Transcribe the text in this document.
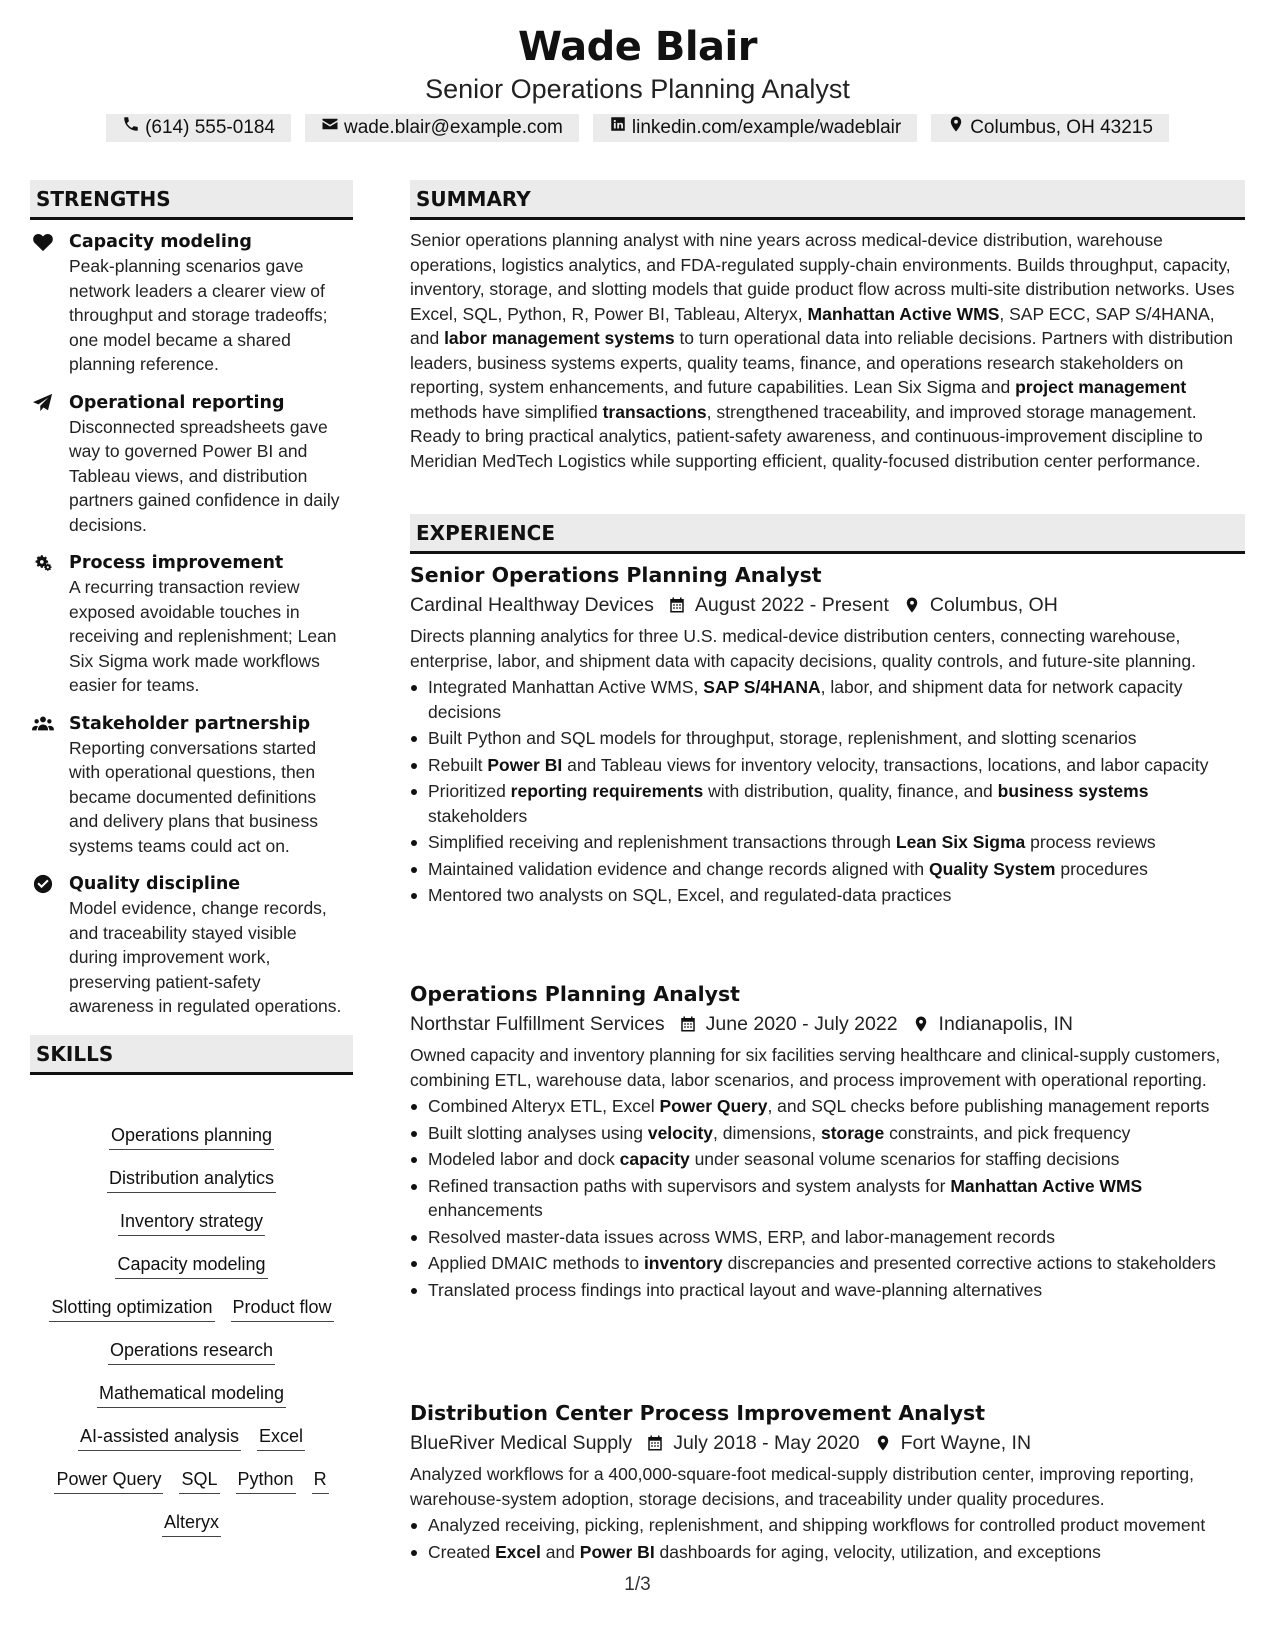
Wade Blair
Senior Operations Planning Analyst
(614) 555-0184	wade.blair@example.com	linkedin.com/example/wadeblair	Columbus, OH 43215
STRENGTHS
Capacity modeling

Peak-planning scenarios gave network leaders a clearer view of throughput and storage tradeoffs; one model became a shared planning reference.

Operational reporting

Disconnected spreadsheets gave way to governed Power BI and Tableau views, and distribution partners gained confidence in daily decisions.

Process improvement

A recurring transaction review exposed avoidable touches in receiving and replenishment; Lean Six Sigma work made workflows easier for teams.

Stakeholder partnership

Reporting conversations started with operational questions, then became documented definitions and delivery plans that business systems teams could act on.

Quality discipline

Model evidence, change records, and traceability stayed visible during improvement work, preserving patient-safety awareness in regulated operations.

SKILLS
Operations planning
Distribution analytics
Inventory strategy
Capacity modeling
Slotting optimization Product flow
Operations research
Mathematical modeling
AI-assisted analysis Excel
Power Query SQL Python R
Alteryx
SUMMARY
Senior operations planning analyst with nine years across medical-device distribution, warehouse operations, logistics analytics, and FDA-regulated supply-chain environments. Builds throughput, capacity, inventory, storage, and slotting models that guide product flow across multi-site distribution networks. Uses Excel, SQL, Python, R, Power BI, Tableau, Alteryx, Manhattan Active WMS, SAP ECC, SAP S/4HANA, and labor management systems to turn operational data into reliable decisions. Partners with distribution leaders, business systems experts, quality teams, finance, and operations research stakeholders on reporting, system enhancements, and future capabilities. Lean Six Sigma and project management methods have simplified transactions, strengthened traceability, and improved storage management. Ready to bring practical analytics, patient-safety awareness, and continuous-improvement discipline to Meridian MedTech Logistics while supporting efficient, quality-focused distribution center performance.
EXPERIENCE
Senior Operations Planning Analyst
Cardinal Healthway Devices August 2022 - Present Columbus, OH
Directs planning analytics for three U.S. medical-device distribution centers, connecting warehouse, enterprise, labor, and shipment data with capacity decisions, quality controls, and future-site planning.
Integrated Manhattan Active WMS, SAP S/4HANA, labor, and shipment data for network capacity decisions
Built Python and SQL models for throughput, storage, replenishment, and slotting scenarios
Rebuilt Power BI and Tableau views for inventory velocity, transactions, locations, and labor capacity
Prioritized reporting requirements with distribution, quality, finance, and business systems stakeholders
Simplified receiving and replenishment transactions through Lean Six Sigma process reviews
Maintained validation evidence and change records aligned with Quality System procedures
Mentored two analysts on SQL, Excel, and regulated-data practices
Operations Planning Analyst
Northstar Fulfillment Services June 2020 - July 2022 Indianapolis, IN
Owned capacity and inventory planning for six facilities serving healthcare and clinical-supply customers, combining ETL, warehouse data, labor scenarios, and process improvement with operational reporting.
Combined Alteryx ETL, Excel Power Query, and SQL checks before publishing management reports
Built slotting analyses using velocity, dimensions, storage constraints, and pick frequency
Modeled labor and dock capacity under seasonal volume scenarios for staffing decisions
Refined transaction paths with supervisors and system analysts for Manhattan Active WMS enhancements
Resolved master-data issues across WMS, ERP, and labor-management records
Applied DMAIC methods to inventory discrepancies and presented corrective actions to stakeholders
Translated process findings into practical layout and wave-planning alternatives
Distribution Center Process Improvement Analyst
BlueRiver Medical Supply July 2018 - May 2020 Fort Wayne, IN
Analyzed workflows for a 400,000-square-foot medical-supply distribution center, improving reporting, warehouse-system adoption, storage decisions, and traceability under quality procedures.
Analyzed receiving, picking, replenishment, and shipping workflows for controlled product movement
Created Excel and Power BI dashboards for aging, velocity, utilization, and exceptions
1/3
